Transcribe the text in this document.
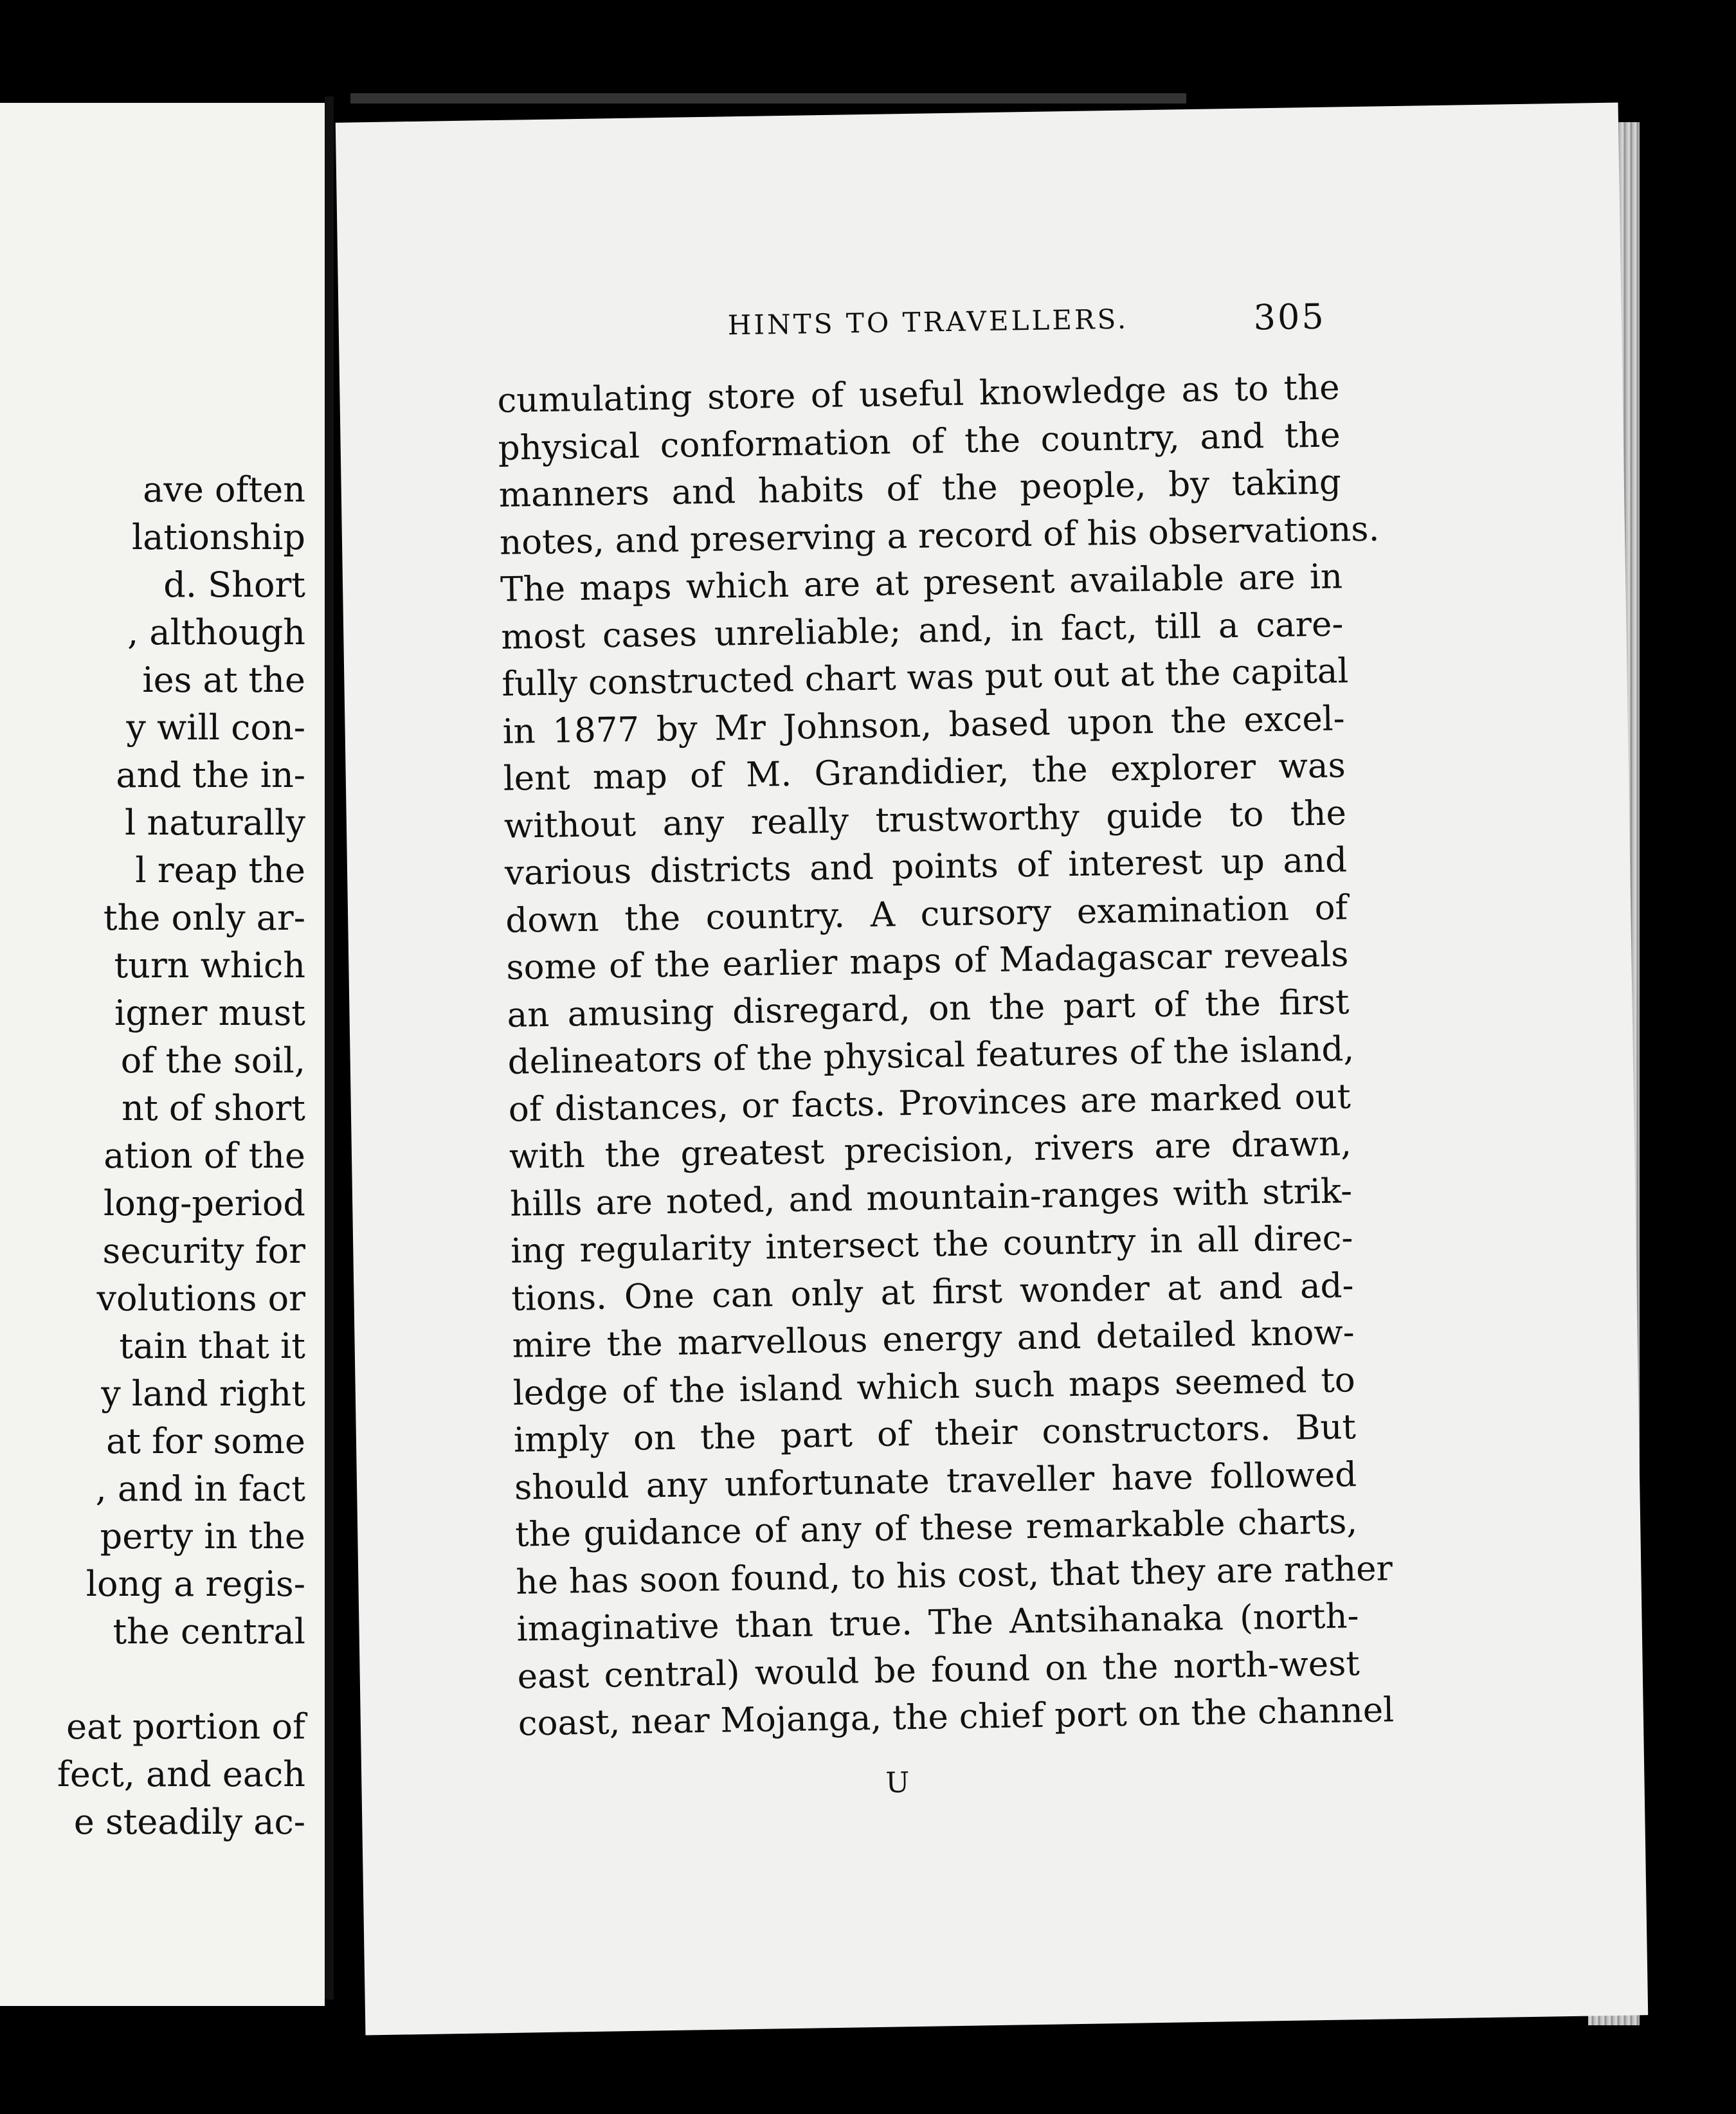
ave often
lationship
d. Short
, although
ies at the
y will con-
and the in-
l naturally
l reap the
the only ar-
turn which
igner must
of the soil,
nt of short
ation of the
long-period
security for
volutions or
tain that it
y land right
at for some
, and in fact
perty in the
long a regis-
the central
eat portion of
fect, and each
e steadily ac-
HINTS TO TRAVELLERS.	305
cumulating store of useful knowledge as to the
physical conformation of the country, and the
manners and habits of the people, by taking
notes, and preserving a record of his observations.
The maps which are at present available are in
most cases unreliable; and, in fact, till a care-
fully constructed chart was put out at the capital
in 1877 by Mr Johnson, based upon the excel-
lent map of M. Grandidier, the explorer was
without any really trustworthy guide to the
various districts and points of interest up and
down the country. A cursory examination of
some of the earlier maps of Madagascar reveals
an amusing disregard, on the part of the first
delineators of the physical features of the island,
of distances, or facts. Provinces are marked out
with the greatest precision, rivers are drawn,
hills are noted, and mountain-ranges with strik-
ing regularity intersect the country in all direc-
tions. One can only at first wonder at and ad-
mire the marvellous energy and detailed know-
ledge of the island which such maps seemed to
imply on the part of their constructors. But
should any unfortunate traveller have followed
the guidance of any of these remarkable charts,
he has soon found, to his cost, that they are rather
imaginative than true. The Antsihanaka (north-
east central) would be found on the north-west
coast, near Mojanga, the chief port on the channel
U
